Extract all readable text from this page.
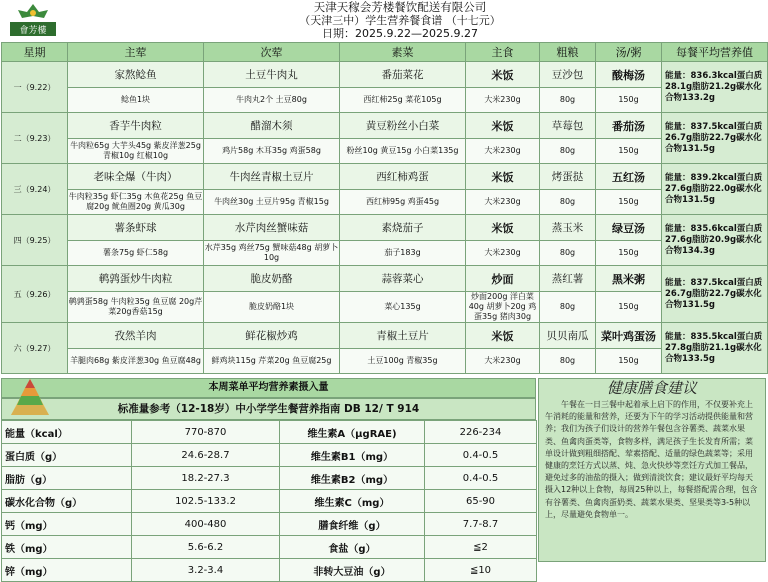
會芳樓
天津天稼会芳楼餐饮配送有限公司
（天津三中）学生营养餐食谱 （十七元）
日期：2025.9.22—2025.9.27
星期	主荤	次荤	素菜	主食	粗粮	汤/粥	每餐平均营养值
一（9.22）	家熬鲶鱼	土豆牛肉丸	番茄菜花	米饭	豆沙包	酸梅汤	能量：836.3kcal蛋白质28.1g脂肪21.2g碳水化合物133.2g
	鲶鱼1块	牛肉丸2个 土豆80g	西红柿25g 菜花105g	大米230g	80g	150g	
二（9.23）	香芋牛肉粒	醋溜木须	黄豆粉丝小白菜	米饭	草莓包	番茄汤	能量：837.5kcal蛋白质26.7g脂肪22.7g碳水化合物131.5g
	牛肉粒65g 大芋头45g 紫皮洋葱25g 青椒10g 红椒10g	鸡片58g 木耳35g 鸡蛋58g	粉丝10g 黄豆15g 小白菜135g	大米230g	80g	150g	
三（9.24）	老味全爆（牛肉）	牛肉丝青椒土豆片	西红柿鸡蛋	米饭	烤蛋挞	五红汤	能量：839.2kcal蛋白质27.6g脂肪22.0g碳水化合物131.5g
	牛肉粒35g 虾仁35g 木鱼花25g 鱼豆腐20g 鱿鱼圈20g 黄瓜30g	牛肉丝30g 土豆片95g 青椒15g	西红柿95g 鸡蛋45g	大米230g	80g	150g	
四（9.25）	薯条虾球	水芹肉丝蟹味菇	素烧茄子	米饭	蒸玉米	绿豆汤	能量：835.6kcal蛋白质27.6g脂肪20.9g碳水化合物134.3g
	薯条75g 虾仁58g	水芹35g 鸡丝75g 蟹味菇48g 胡萝卜10g	茄子183g	大米230g	80g	150g	
五（9.26）	鹌鹑蛋炒牛肉粒	脆皮奶酪	蒜蓉菜心	炒面	蒸红薯	黑米粥	能量：837.5kcal蛋白质26.7g脂肪22.7g碳水化合物131.5g
	鹌鹑蛋58g 牛肉粒35g 鱼豆腐 20g芹菜20g香菇15g	脆皮奶酪1块	菜心135g	炒面200g 洋白菜40g 胡萝卜20g 鸡蛋35g 猪肉30g	80g	150g	
六（9.27）	孜然羊肉	鲜花椒炒鸡	青椒土豆片	米饭	贝贝南瓜	菜叶鸡蛋汤	能量：835.5kcal蛋白质27.8g脂肪21.1g碳水化合物133.5g
	羊腿肉68g 紫皮洋葱30g 鱼豆腐48g	鲜鸡块115g 芹菜20g 鱼豆腐25g	土豆100g 青椒35g	大米230g	80g	150g	
本周菜单平均营养素摄入量
标准量参考（12-18岁）中小学学生餐营养指南 DB 12/ T 914
能量（kcal）	770-870	维生素A（μgRAE)	226-234
蛋白质（g）	24.6-28.7	维生素B1（mg）	0.4-0.5
脂肪（g）	18.2-27.3	维生素B2（mg）	0.4-0.5
碳水化合物（g）	102.5-133.2	维生素C（mg）	65-90
钙（mg）	400-480	膳食纤维（g）	7.7-8.7
铁（mg）	5.6-6.2	食盐（g）	≦2
锌（mg）	3.2-3.4	非转大豆油（g）	≦10
健康膳食建议

午餐在一日三餐中起着承上启下的作用，不仅要补充上午消耗的能量和营养，还要为下午的学习活动提供能量和营养；我们为孩子们设计的营养午餐包含谷薯类、蔬菜水果类、鱼禽肉蛋类等，食物多样，满足孩子生长发育所需；菜单设计做到粗细搭配、荤素搭配、适量的绿色蔬菜等；采用健康的烹饪方式以蒸、炖、急火快炒等烹饪方式加工餐品，避免过多的油盐的摄入；做到清淡饮食；建议最好平均每天摄入12种以上食物，每周25种以上，每餐搭配需合理，包含有谷薯类、鱼禽肉蛋奶类、蔬菜水果类、坚果类等3-5种以上，尽量避免食物单一。
